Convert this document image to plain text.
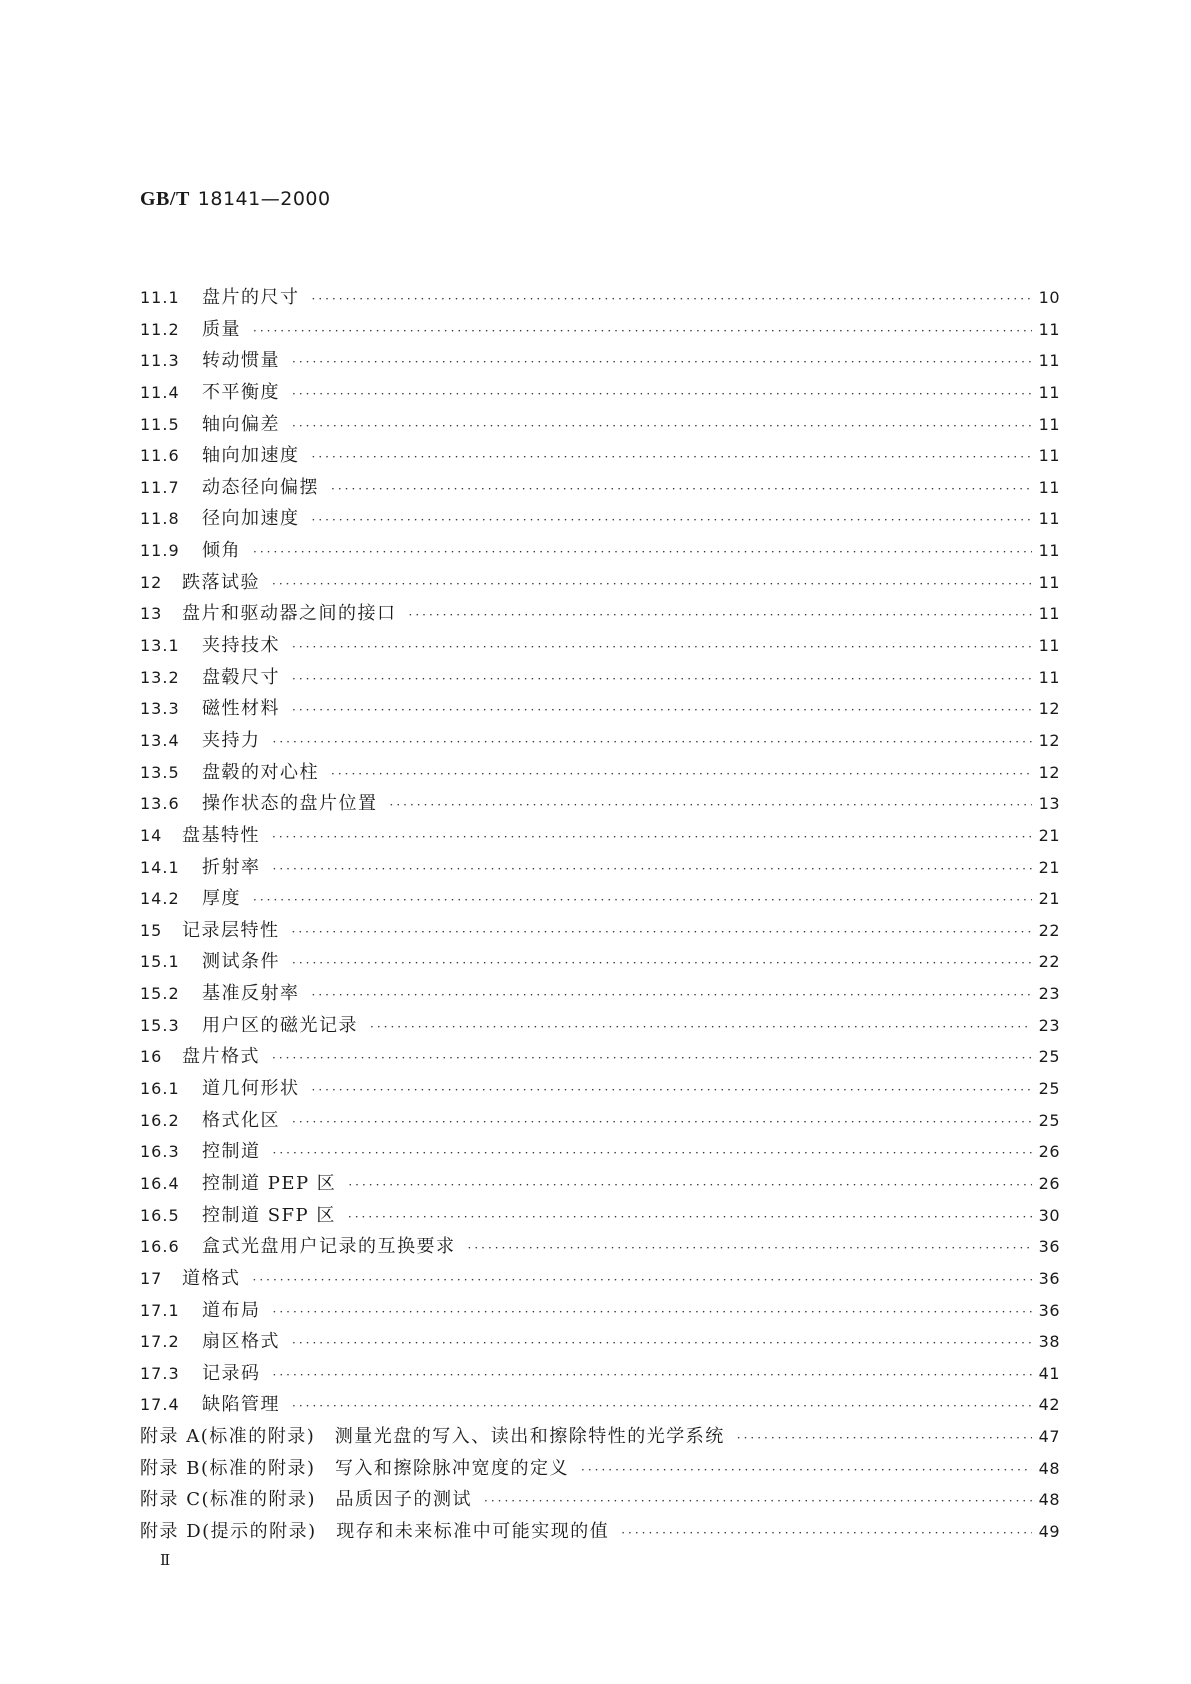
GB/T 18141—2000
11.1	盘片的尺寸 ·····	10
11.2	质量 ·····	11
11.3	转动惯量 ·····	11
11.4	不平衡度 ·····	11
11.5	轴向偏差 ·····	11
11.6	轴向加速度 ·····	11
11.7	动态径向偏摆 ·····	11
11.8	径向加速度 ·····	11
11.9	倾角 ·····	11
12	跌落试验 ·····	11
13	盘片和驱动器之间的接口 ·····	11
13.1	夹持技术 ·····	11
13.2	盘毂尺寸 ·····	11
13.3	磁性材料 ·····	12
13.4	夹持力 ·····	12
13.5	盘毂的对心柱 ·····	12
13.6	操作状态的盘片位置 ·····	13
14	盘基特性 ·····	21
14.1	折射率 ·····	21
14.2	厚度 ·····	21
15	记录层特性 ·····	22
15.1	测试条件 ·····	22
15.2	基准反射率 ·····	23
15.3	用户区的磁光记录 ·····	23
16	盘片格式 ·····	25
16.1	道几何形状 ·····	25
16.2	格式化区 ·····	25
16.3	控制道 ·····	26
16.4	控制道 PEP 区 ·····	26
16.5	控制道 SFP 区 ·····	30
16.6	盒式光盘用户记录的互换要求 ·····	36
17	道格式 ·····	36
17.1	道布局 ·····	36
17.2	扇区格式 ·····	38
17.3	记录码 ·····	41
17.4	缺陷管理 ·····	42
附录 A(标准的附录)　测量光盘的写入、读出和擦除特性的光学系统 ·····	47
附录 B(标准的附录)　写入和擦除脉冲宽度的定义 ·····	48
附录 C(标准的附录)　品质因子的测试 ·····	48
附录 D(提示的附录)　现存和未来标准中可能实现的值 ·····	49
Ⅱ
